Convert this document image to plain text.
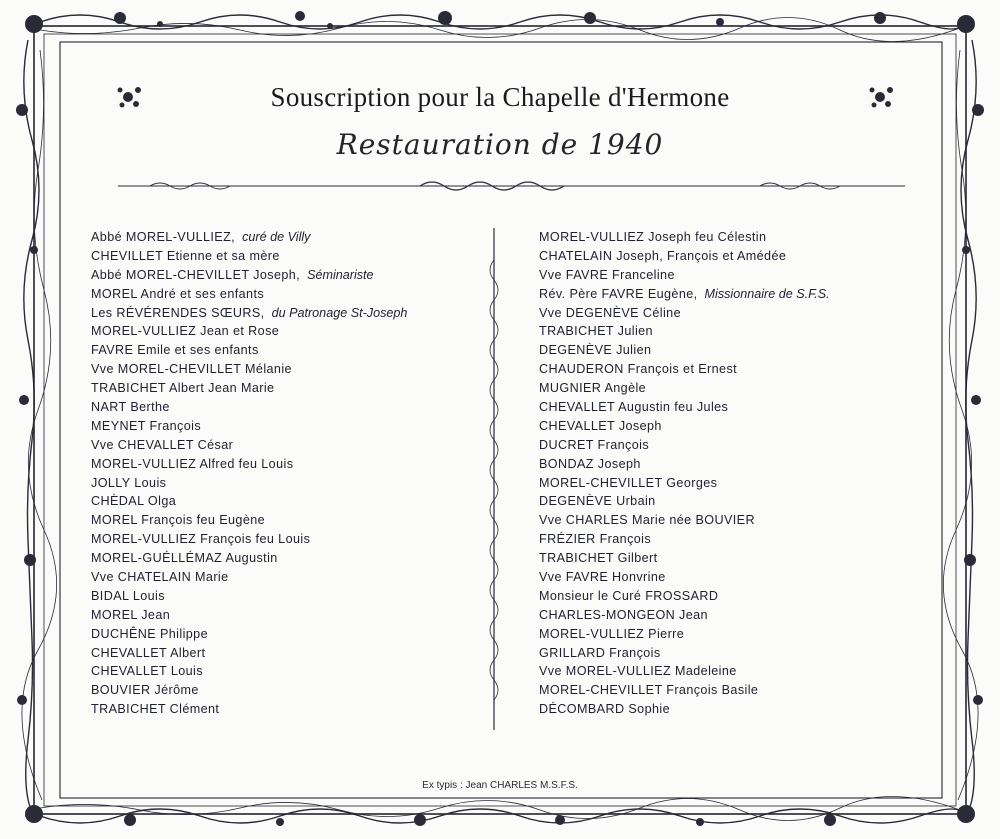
Souscription pour la Chapelle d'Hermone
Restauration de 1940
Abbé MOREL-VULLIEZ, curé de Villy
CHEVILLET Etienne et sa mère
Abbé MOREL-CHEVILLET Joseph, Séminariste
MOREL André et ses enfants
Les RÉVÉRENDES SŒURS, du Patronage St-Joseph
MOREL-VULLIEZ Jean et Rose
FAVRE Emile et ses enfants
Vve MOREL-CHEVILLET Mélanie
TRABICHET Albert Jean Marie
NART Berthe
MEYNET François
Vve CHEVALLET César
MOREL-VULLIEZ Alfred feu Louis
JOLLY Louis
CHÈDAL Olga
MOREL François feu Eugène
MOREL-VULLIEZ François feu Louis
MOREL-GUÉLLÉMAZ Augustin
Vve CHATELAIN Marie
BIDAL Louis
MOREL Jean
DUCHÊNE Philippe
CHEVALLET Albert
CHEVALLET Louis
BOUVIER Jérôme
TRABICHET Clément
MOREL-VULLIEZ Joseph feu Célestin
CHATELAIN Joseph, François et Amédée
Vve FAVRE Franceline
Rév. Père FAVRE Eugène, Missionnaire de S.F.S.
Vve DEGENÈVE Céline
TRABICHET Julien
DEGENÈVE Julien
CHAUDERON François et Ernest
MUGNIER Angèle
CHEVALLET Augustin feu Jules
CHEVALLET Joseph
DUCRET François
BONDAZ Joseph
MOREL-CHEVILLET Georges
DEGENÈVE Urbain
Vve CHARLES Marie née BOUVIER
FRÉZIER François
TRABICHET Gilbert
Vve FAVRE Honvrine
Monsieur le Curé FROSSARD
CHARLES-MONGEON Jean
MOREL-VULLIEZ Pierre
GRILLARD François
Vve MOREL-VULLIEZ Madeleine
MOREL-CHEVILLET François Basile
DÉCOMBARD Sophie
Ex typis : Jean CHARLES M.S.F.S.
